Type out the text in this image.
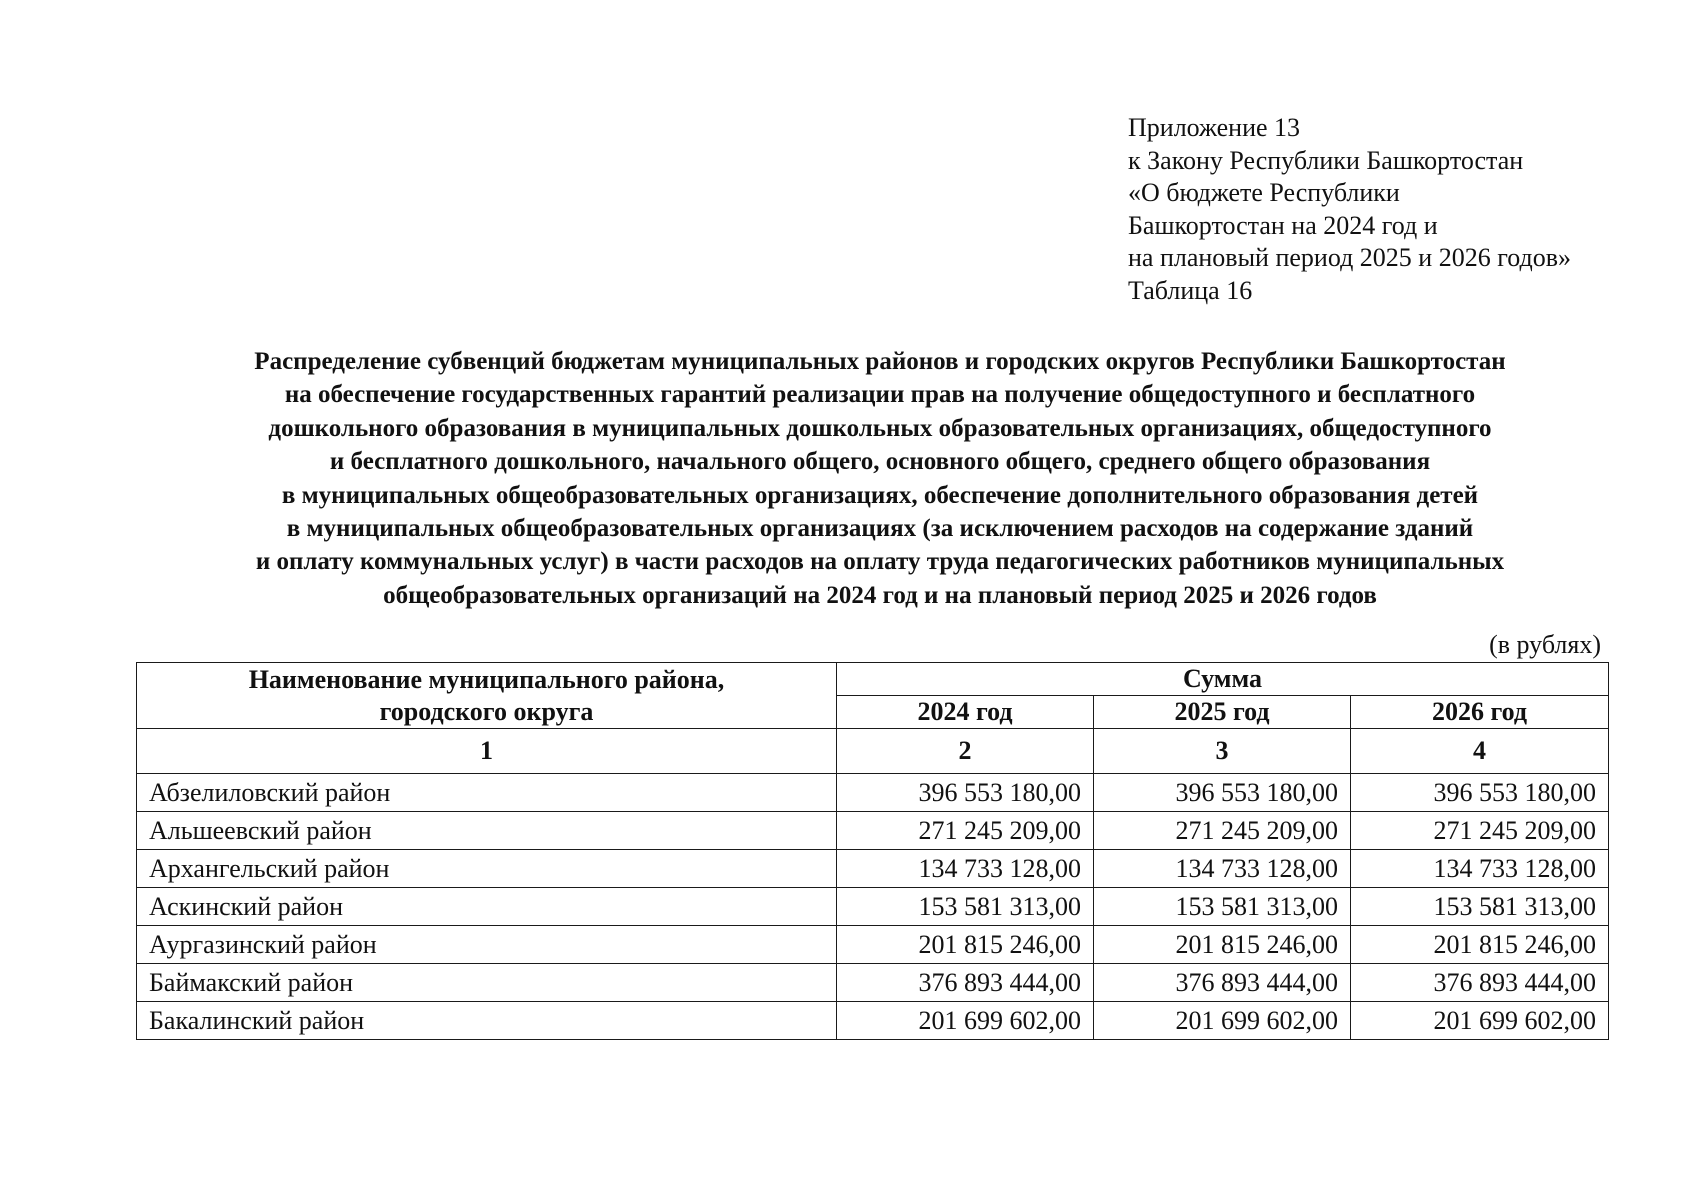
Приложение 13
к Закону Республики Башкортостан
«О бюджете Республики
Башкортостан на 2024 год и
на плановый период 2025 и 2026 годов»
Таблица 16
Распределение субвенций бюджетам муниципальных районов и городских округов Республики Башкортостан
на обеспечение государственных гарантий реализации прав на получение общедоступного и бесплатного
дошкольного образования в муниципальных дошкольных образовательных организациях, общедоступного
и бесплатного дошкольного, начального общего, основного общего, среднего общего образования
в муниципальных общеобразовательных организациях, обеспечение дополнительного образования детей
в муниципальных общеобразовательных организациях (за исключением расходов на содержание зданий
и оплату коммунальных услуг) в части расходов на оплату труда педагогических работников муниципальных
общеобразовательных организаций на 2024 год и на плановый период 2025 и 2026 годов
(в рублях)
Наименование муниципального района,
городского округа	Сумма		
	2024 год	2025 год	2026 год
1	2	3	4
Абзелиловский район	396 553 180,00	396 553 180,00	396 553 180,00
Альшеевский район	271 245 209,00	271 245 209,00	271 245 209,00
Архангельский район	134 733 128,00	134 733 128,00	134 733 128,00
Аскинский район	153 581 313,00	153 581 313,00	153 581 313,00
Аургазинский район	201 815 246,00	201 815 246,00	201 815 246,00
Баймакский район	376 893 444,00	376 893 444,00	376 893 444,00
Бакалинский район	201 699 602,00	201 699 602,00	201 699 602,00
